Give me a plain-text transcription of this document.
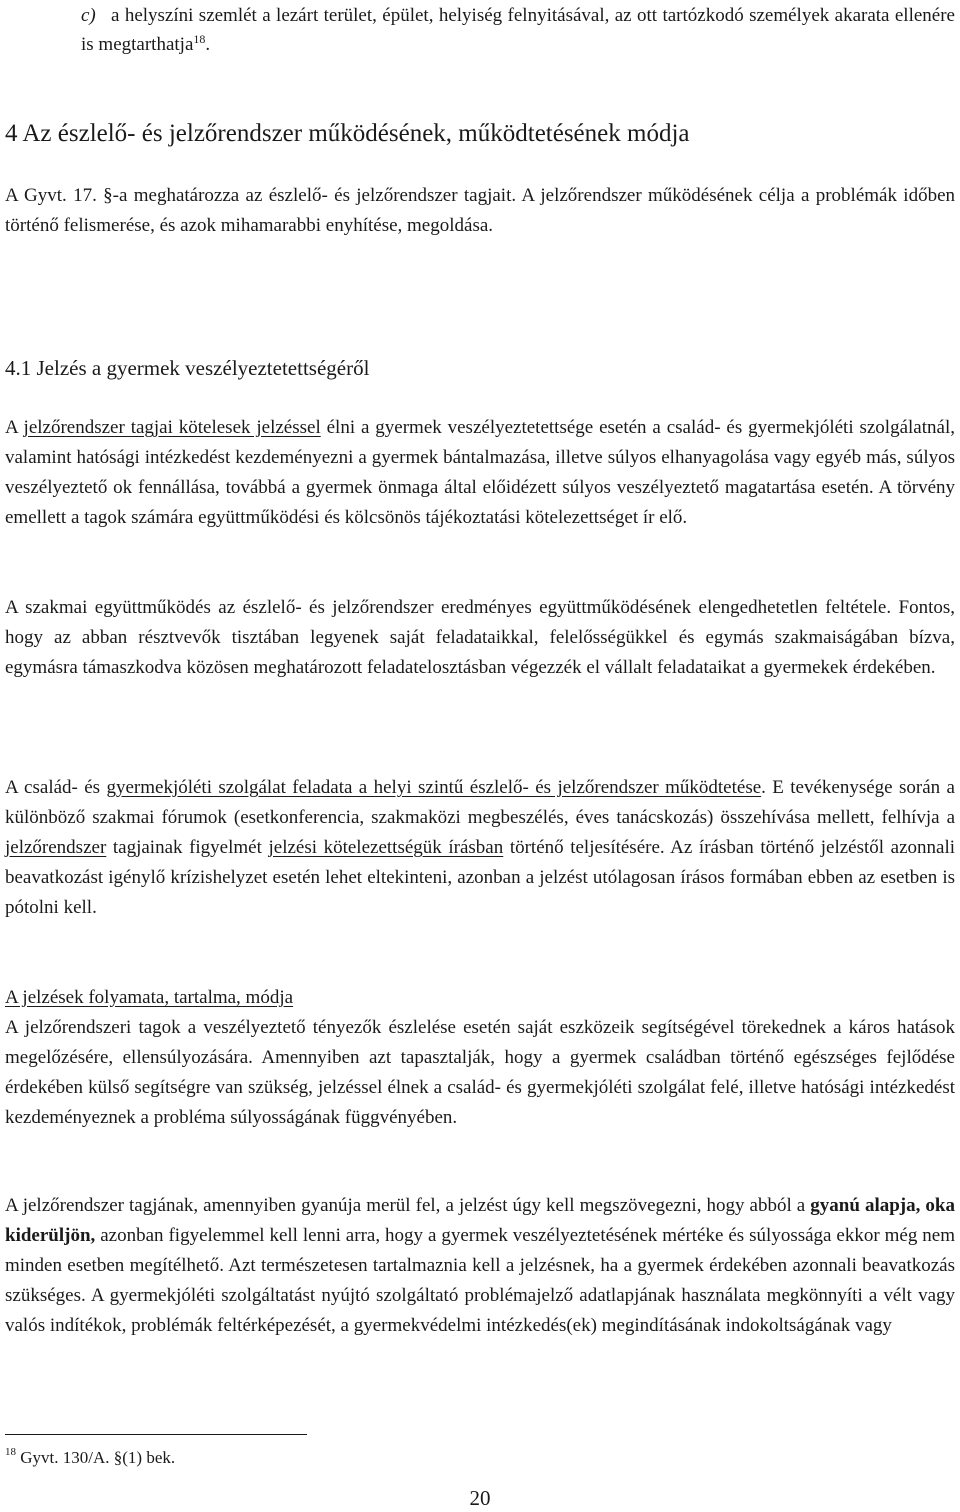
c) a helyszíni szemlét a lezárt terület, épület, helyiség felnyitásával, az ott tartózkodó személyek akarata ellenére is megtarthatja$^{18}$.
4 Az észlelő- és jelzőrendszer működésének, működtetésének módja
A Gyvt. 17. §-a meghatározza az észlelő- és jelzőrendszer tagjait. A jelzőrendszer működésének célja a problémák időben történő felismerése, és azok mihamarabbi enyhítése, megoldása.
4.1 Jelzés a gyermek veszélyeztetettségéről
A jelzőrendszer tagjai kötelesek jelzéssel élni a gyermek veszélyeztetettsége esetén a család- és gyermekjóléti szolgálatnál, valamint hatósági intézkedést kezdeményezni a gyermek bántalmazása, illetve súlyos elhanyagolása vagy egyéb más, súlyos veszélyeztető ok fennállása, továbbá a gyermek önmaga által előidézett súlyos veszélyeztető magatartása esetén. A törvény emellett a tagok számára együttműködési és kölcsönös tájékoztatási kötelezettséget ír elő.
A szakmai együttműködés az észlelő- és jelzőrendszer eredményes együttműködésének elengedhetetlen feltétele. Fontos, hogy az abban résztvevők tisztában legyenek saját feladataikkal, felelősségükkel és egymás szakmaiságában bízva, egymásra támaszkodva közösen meghatározott feladatelosztásban végezzék el vállalt feladataikat a gyermekek érdekében.
A család- és gyermekjóléti szolgálat feladata a helyi szintű észlelő- és jelzőrendszer működtetése. E tevékenysége során a különböző szakmai fórumok (esetkonferencia, szakmaközi megbeszélés, éves tanácskozás) összehívása mellett, felhívja a jelzőrendszer tagjainak figyelmét jelzési kötelezettségük írásban történő teljesítésére. Az írásban történő jelzéstől azonnali beavatkozást igénylő krízishelyzet esetén lehet eltekinteni, azonban a jelzést utólagosan írásos formában ebben az esetben is pótolni kell.
A jelzések folyamata, tartalma, módja
A jelzőrendszeri tagok a veszélyeztető tényezők észlelése esetén saját eszközeik segítségével törekednek a káros hatások megelőzésére, ellensúlyozására. Amennyiben azt tapasztalják, hogy a gyermek családban történő egészséges fejlődése érdekében külső segítségre van szükség, jelzéssel élnek a család- és gyermekjóléti szolgálat felé, illetve hatósági intézkedést kezdeményeznek a probléma súlyosságának függvényében.
A jelzőrendszer tagjának, amennyiben gyanúja merül fel, a jelzést úgy kell megszövegezni, hogy abból a gyanú alapja, oka kiderüljön, azonban figyelemmel kell lenni arra, hogy a gyermek veszélyeztetésének mértéke és súlyossága ekkor még nem minden esetben megítélhető. Azt természetesen tartalmaznia kell a jelzésnek, ha a gyermek érdekében azonnali beavatkozás szükséges. A gyermekjóléti szolgáltatást nyújtó szolgáltató problémajelző adatlapjának használata megkönnyíti a vélt vagy valós indítékok, problémák feltérképezését, a gyermekvédelmi intézkedés(ek) megindításának indokoltságának vagy
$^{18}$ Gyvt. 130/A. §(1) bek.
20
